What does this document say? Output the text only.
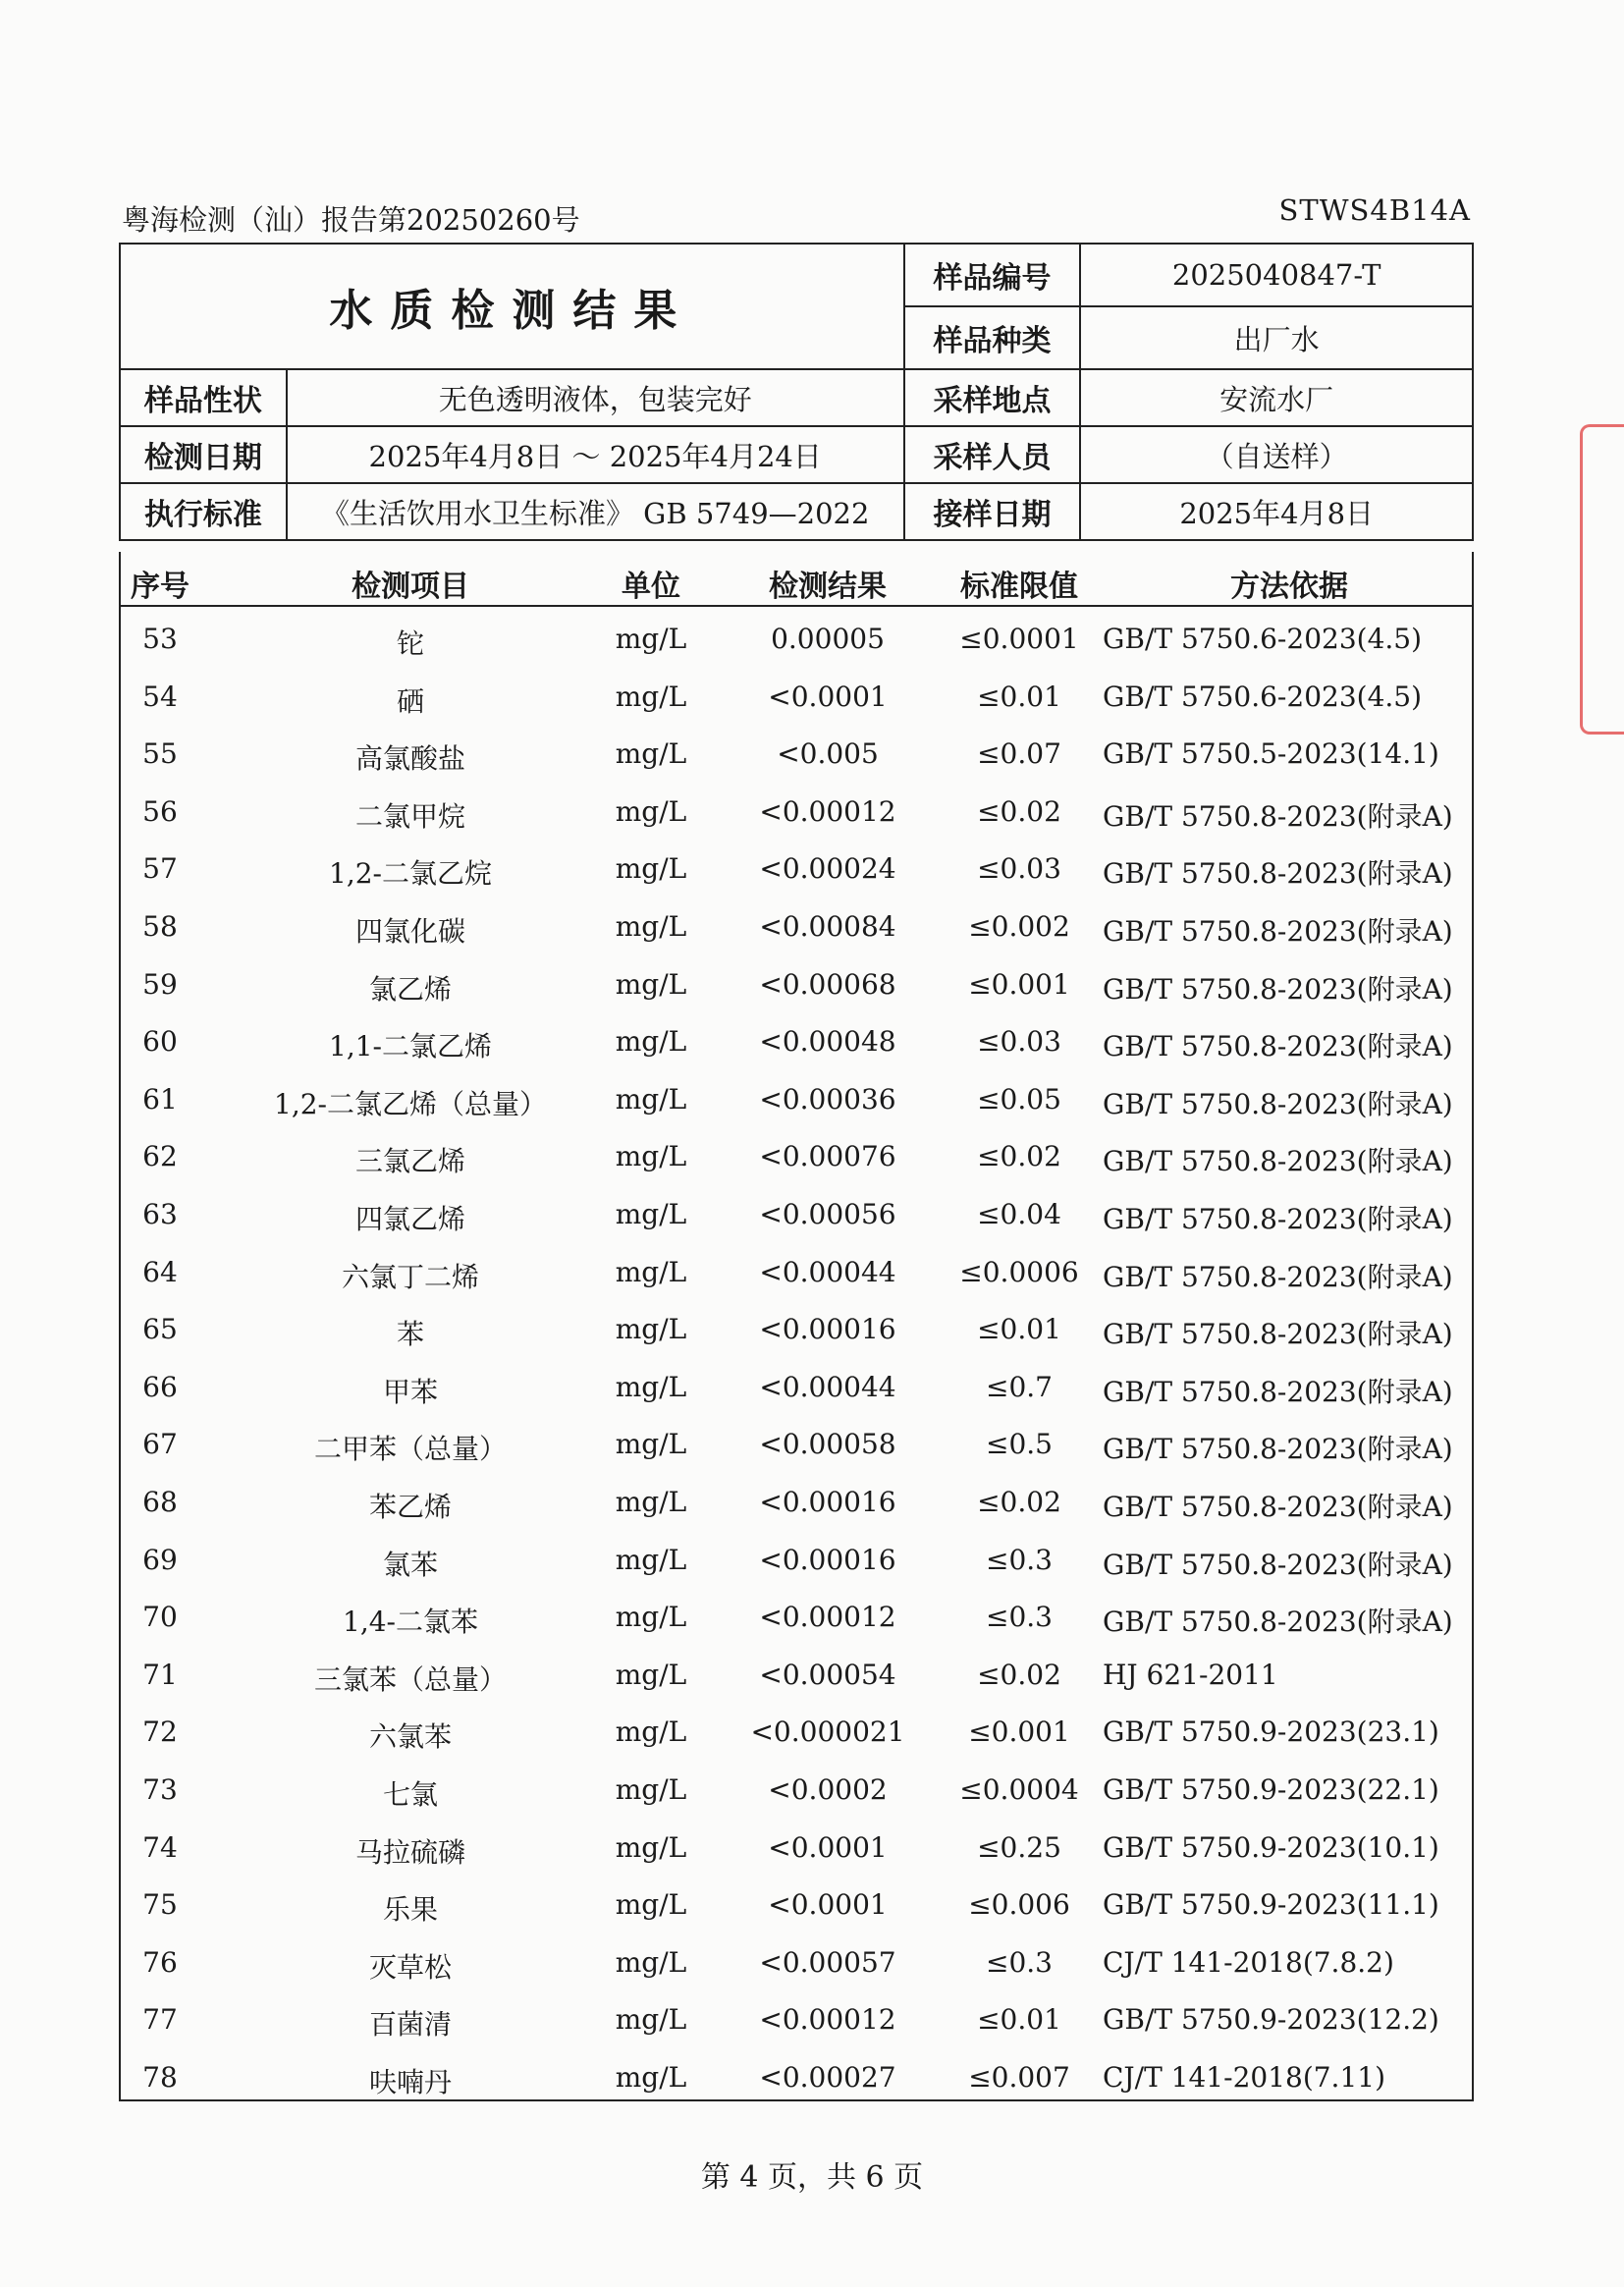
粤海检测（汕）报告第20250260号	STWS4B14A
水质检测结果		样品编号	2025040847-T
		样品种类	出厂水
样品性状	无色透明液体，包装完好	采样地点	安流水厂
检测日期	2025年4月8日 ～ 2025年4月24日	采样人员	（自送样）
执行标准	《生活饮用水卫生标准》 GB 5749—2022	接样日期	2025年4月8日
序号	检测项目	单位	检测结果	标准限值	方法依据
53	铊	mg/L	0.00005	≤0.0001 GB/T 5750.6-2023(4.5)
54	硒	mg/L	<0.0001	≤0.01	GB/T 5750.6-2023(4.5)
55	高氯酸盐	mg/L	<0.005	≤0.07	GB/T 5750.5-2023(14.1)
56	二氯甲烷	mg/L	<0.00012	≤0.02	GB/T 5750.8-2023(附录A)
57	1,2-二氯乙烷	mg/L	<0.00024	≤0.03	GB/T 5750.8-2023(附录A)
58	四氯化碳	mg/L	<0.00084	≤0.002	GB/T 5750.8-2023(附录A)
59	氯乙烯	mg/L	<0.00068	≤0.001	GB/T 5750.8-2023(附录A)
60	1,1-二氯乙烯	mg/L	<0.00048	≤0.03	GB/T 5750.8-2023(附录A)
61	1,2-二氯乙烯（总量）	mg/L	<0.00036	≤0.05	GB/T 5750.8-2023(附录A)
62	三氯乙烯	mg/L	<0.00076	≤0.02	GB/T 5750.8-2023(附录A)
63	四氯乙烯	mg/L	<0.00056	≤0.04	GB/T 5750.8-2023(附录A)
64	六氯丁二烯	mg/L	<0.00044	≤0.0006 GB/T 5750.8-2023(附录A)
65	苯	mg/L	<0.00016	≤0.01	GB/T 5750.8-2023(附录A)
66	甲苯	mg/L	<0.00044	≤0.7	GB/T 5750.8-2023(附录A)
67	二甲苯（总量）	mg/L	<0.00058	≤0.5	GB/T 5750.8-2023(附录A)
68	苯乙烯	mg/L	<0.00016	≤0.02	GB/T 5750.8-2023(附录A)
69	氯苯	mg/L	<0.00016	≤0.3	GB/T 5750.8-2023(附录A)
70	1,4-二氯苯	mg/L	<0.00012	≤0.3	GB/T 5750.8-2023(附录A)
71	三氯苯（总量）	mg/L	<0.00054	≤0.02	HJ 621-2011
72	六氯苯	mg/L	<0.000021	≤0.001	GB/T 5750.9-2023(23.1)
73	七氯	mg/L	<0.0002	≤0.0004 GB/T 5750.9-2023(22.1)
74	马拉硫磷	mg/L	<0.0001	≤0.25	GB/T 5750.9-2023(10.1)
75	乐果	mg/L	<0.0001	≤0.006	GB/T 5750.9-2023(11.1)
76	灭草松	mg/L	<0.00057	≤0.3	CJ/T 141-2018(7.8.2)
77	百菌清	mg/L	<0.00012	≤0.01	GB/T 5750.9-2023(12.2)
78	呋喃丹	mg/L	<0.00027	≤0.007	CJ/T 141-2018(7.11)
第 4 页，共 6 页
